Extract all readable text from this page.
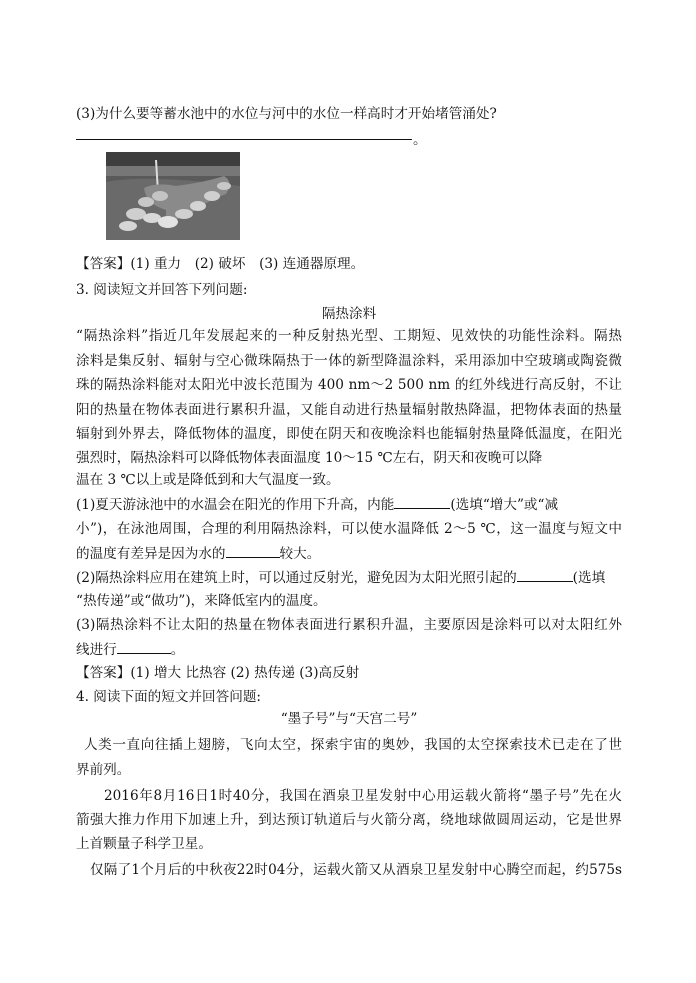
(3)为什么要等蓄水池中的水位与河中的水位一样高时才开始堵管涌处?
。
【答案】(1) 重力　(2) 破坏　(3) 连通器原理。
3. 阅读短文并回答下列问题:
隔热涂料
“隔热涂料”指近几年发展起来的一种反射热光型、工期短、见效快的功能性涂料。隔热
涂料是集反射、辐射与空心微珠隔热于一体的新型降温涂料，采用添加中空玻璃或陶瓷微
珠的隔热涂料能对太阳光中波长范围为 400 nm～2 500 nm 的红外线进行高反射，不让
阳的热量在物体表面进行累积升温，又能自动进行热量辐射散热降温，把物体表面的热量
辐射到外界去，降低物体的温度，即使在阴天和夜晚涂料也能辐射热量降低温度，在阳光
强烈时，隔热涂料可以降低物体表面温度 10～15 ℃左右，阴天和夜晚可以降
温在 3 ℃以上或是降低到和大气温度一致。
(1)夏天游泳池中的水温会在阳光的作用下升高，内能	(选填“增大”或“减
小”)，在泳池周围，合理的利用隔热涂料，可以使水温降低 2～5 ℃，这一温度与短文中
的温度有差异是因为水的	较大。
(2)隔热涂料应用在建筑上时，可以通过反射光，避免因为太阳光照引起的	(选填
“热传递”或“做功”)，来降低室内的温度。
(3)隔热涂料不让太阳的热量在物体表面进行累积升温，主要原因是涂料可以对太阳红外
线进行	。
【答案】(1) 增大 比热容 (2) 热传递 (3)高反射
4. 阅读下面的短文并回答问题:
“墨子号”与“天宫二号”
人类一直向往插上翅膀，飞向太空，探索宇宙的奥妙，我国的太空探索技术已走在了世
界前列。
2016年8月16日1时40分，我国在酒泉卫星发射中心用运载火箭将“墨子号”先在火
箭强大推力作用下加速上升，到达预订轨道后与火箭分离，绕地球做圆周运动，它是世界
上首颗量子科学卫星。
仅隔了1个月后的中秋夜22时04分，运载火箭又从酒泉卫星发射中心腾空而起，约575s
